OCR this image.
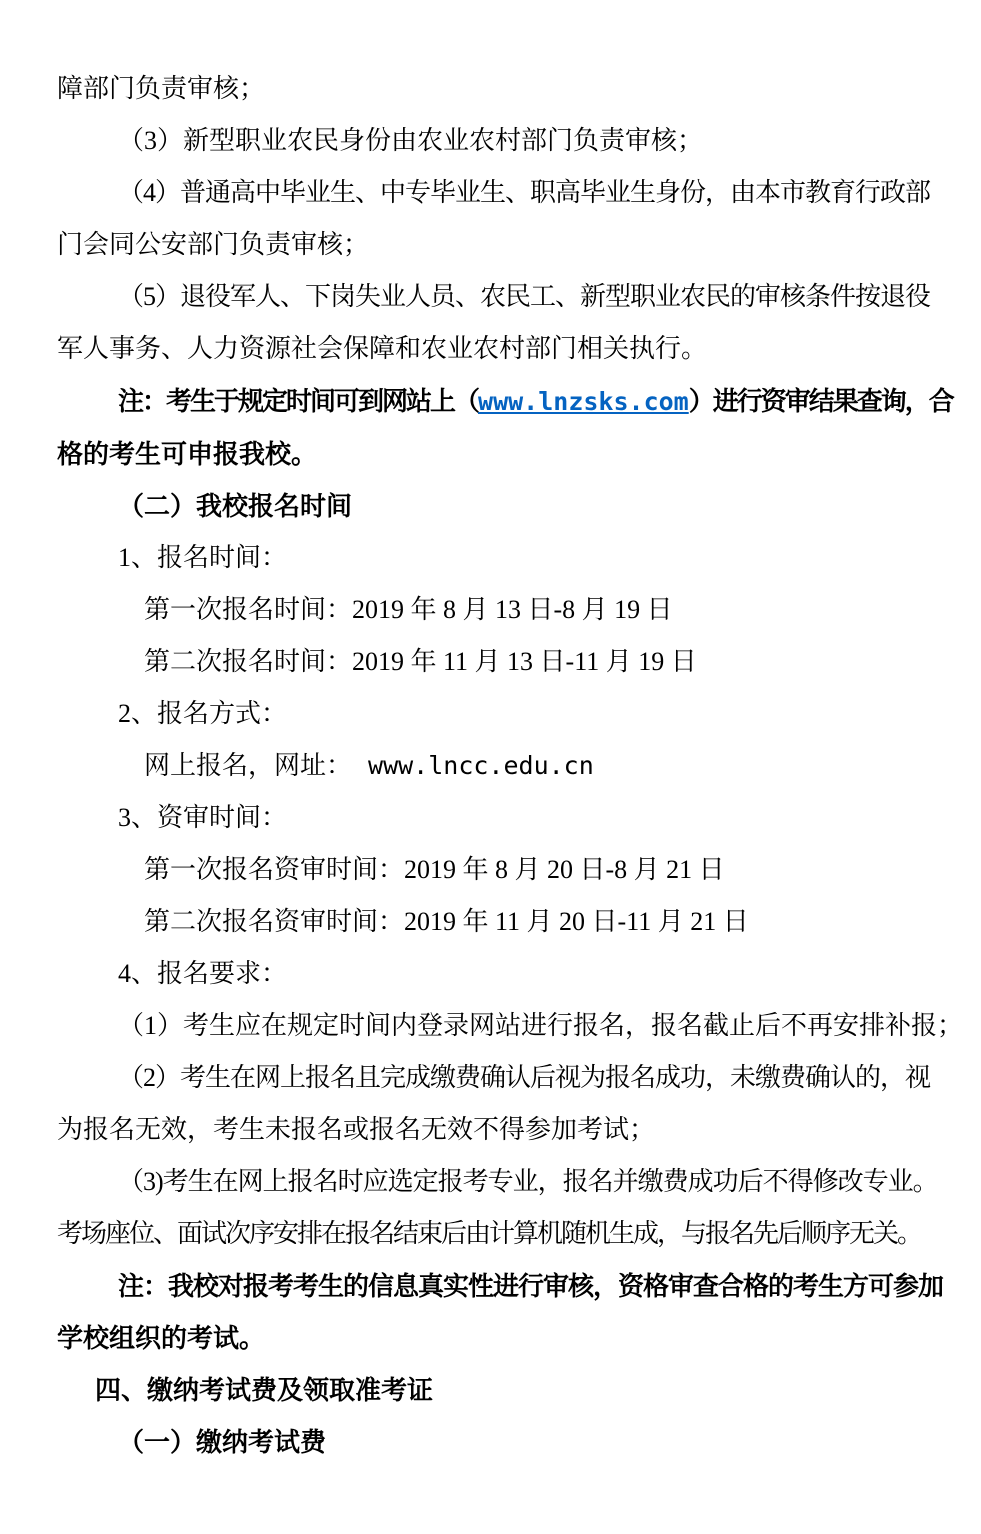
障部门负责审核；

（3）新型职业农民身份由农业农村部门负责审核；

（4）普通高中毕业生、中专毕业生、职高毕业生身份，由本市教育行政部

门会同公安部门负责审核；

（5）退役军人、下岗失业人员、农民工、新型职业农民的审核条件按退役

军人事务、人力资源社会保障和农业农村部门相关执行。

注：考生于规定时间可到网站上（www.lnzsks.com）进行资审结果查询，合

格的考生可申报我校。

（二）我校报名时间

1、报名时间：

第一次报名时间：2019 年 8 月 13 日-8 月 19 日

第二次报名时间：2019 年 11 月 13 日-11 月 19 日

2、报名方式：

网上报名，网址： www.lncc.edu.cn

3、资审时间：

第一次报名资审时间：2019 年 8 月 20 日-8 月 21 日

第二次报名资审时间：2019 年 11 月 20 日-11 月 21 日

4、报名要求：

（1）考生应在规定时间内登录网站进行报名，报名截止后不再安排补报；

（2）考生在网上报名且完成缴费确认后视为报名成功，未缴费确认的，视

为报名无效，考生未报名或报名无效不得参加考试；

（3)考生在网上报名时应选定报考专业，报名并缴费成功后不得修改专业。

考场座位、面试次序安排在报名结束后由计算机随机生成，与报名先后顺序无关。

注：我校对报考考生的信息真实性进行审核，资格审查合格的考生方可参加

学校组织的考试。

四、缴纳考试费及领取准考证

（一）缴纳考试费
